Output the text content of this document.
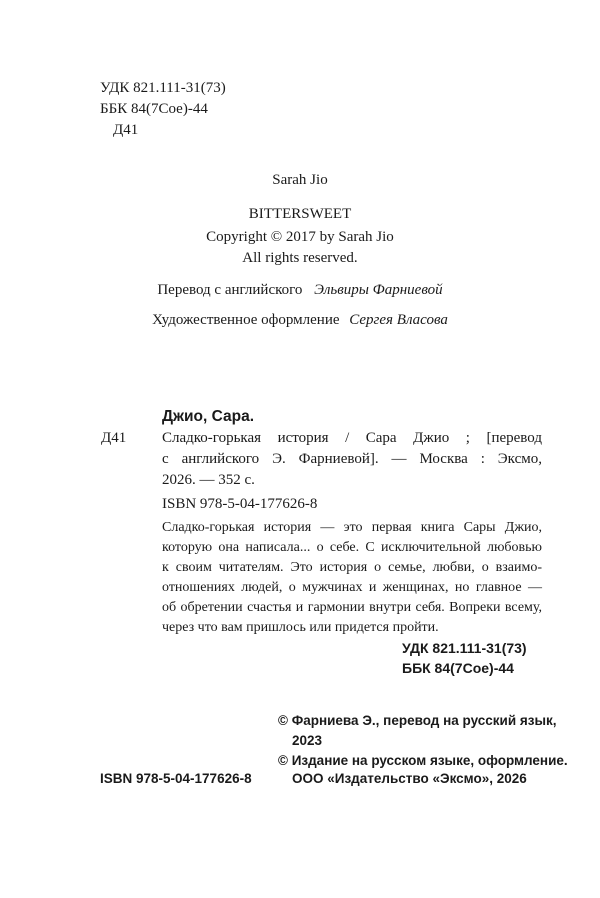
УДК 821.111-31(73)
ББК 84(7Сое)-44
Д41
Sarah Jio
BITTERSWEET
Copyright © 2017 by Sarah Jio
All rights reserved.
Перевод с английского Эльвиры Фарниевой
Художественное оформление Сергея Власова
Джио, Сара.
Д41 Сладко-горькая история / Сара Джио ; [перевод
с английского Э. Фарниевой]. — Москва : Эксмо,
2026. — 352 с.
ISBN 978-5-04-177626-8
Сладко-горькая история — это первая книга Сары Джио,
которую она написала... о себе. С исключительной любовью
к своим читателям. Это история о семье, любви, о взаимо-
отношениях людей, о мужчинах и женщинах, но главное —
об обретении счастья и гармонии внутри себя. Вопреки всему,
через что вам пришлось или придется пройти.
УДК 821.111-31(73)
ББК 84(7Сое)-44
© Фарниева Э., перевод на русский язык,
2023
© Издание на русском языке, оформление.
ООО «Издательство «Эксмо», 2026
ISBN 978-5-04-177626-8
